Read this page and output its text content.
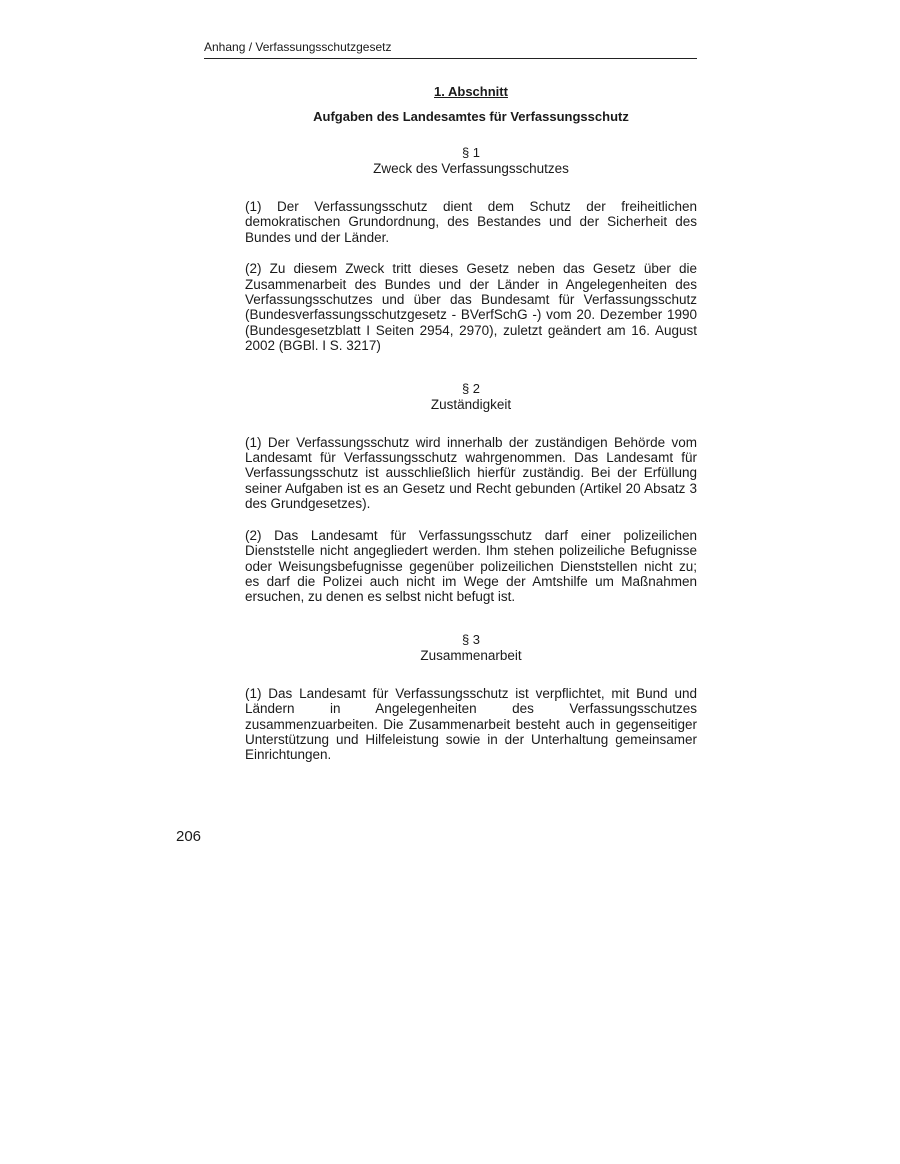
Anhang / Verfassungsschutzgesetz
1. Abschnitt
Aufgaben des Landesamtes für Verfassungsschutz
§ 1
Zweck des Verfassungsschutzes

(1) Der Verfassungsschutz dient dem Schutz der freiheitlichen demokratischen Grundordnung, des Bestandes und der Sicherheit des Bundes und der Länder.

(2) Zu diesem Zweck tritt dieses Gesetz neben das Gesetz über die Zusammenarbeit des Bundes und der Länder in Angelegenheiten des Verfassungsschutzes und über das Bundesamt für Verfassungsschutz (Bundesverfassungsschutzgesetz - BVerfSchG -) vom 20. Dezember 1990 (Bundesgesetzblatt I Seiten 2954, 2970), zuletzt geändert am 16. August 2002 (BGBl. I S. 3217)

§ 2
Zuständigkeit

(1) Der Verfassungsschutz wird innerhalb der zuständigen Behörde vom Landesamt für Verfassungsschutz wahrgenommen. Das Landesamt für Verfassungsschutz ist ausschließlich hierfür zuständig. Bei der Erfüllung seiner Aufgaben ist es an Gesetz und Recht gebunden (Artikel 20 Absatz 3 des Grundgesetzes).

(2) Das Landesamt für Verfassungsschutz darf einer polizeilichen Dienststelle nicht angegliedert werden. Ihm stehen polizeiliche Befugnisse oder Weisungsbefugnisse gegenüber polizeilichen Dienststellen nicht zu; es darf die Polizei auch nicht im Wege der Amtshilfe um Maßnahmen ersuchen, zu denen es selbst nicht befugt ist.

§ 3
Zusammenarbeit

(1) Das Landesamt für Verfassungsschutz ist verpflichtet, mit Bund und Ländern in Angelegenheiten des Verfassungsschutzes zusammenzuarbeiten. Die Zusammenarbeit besteht auch in gegenseitiger Unterstützung und Hilfeleistung sowie in der Unterhaltung gemeinsamer Einrichtungen.

206
